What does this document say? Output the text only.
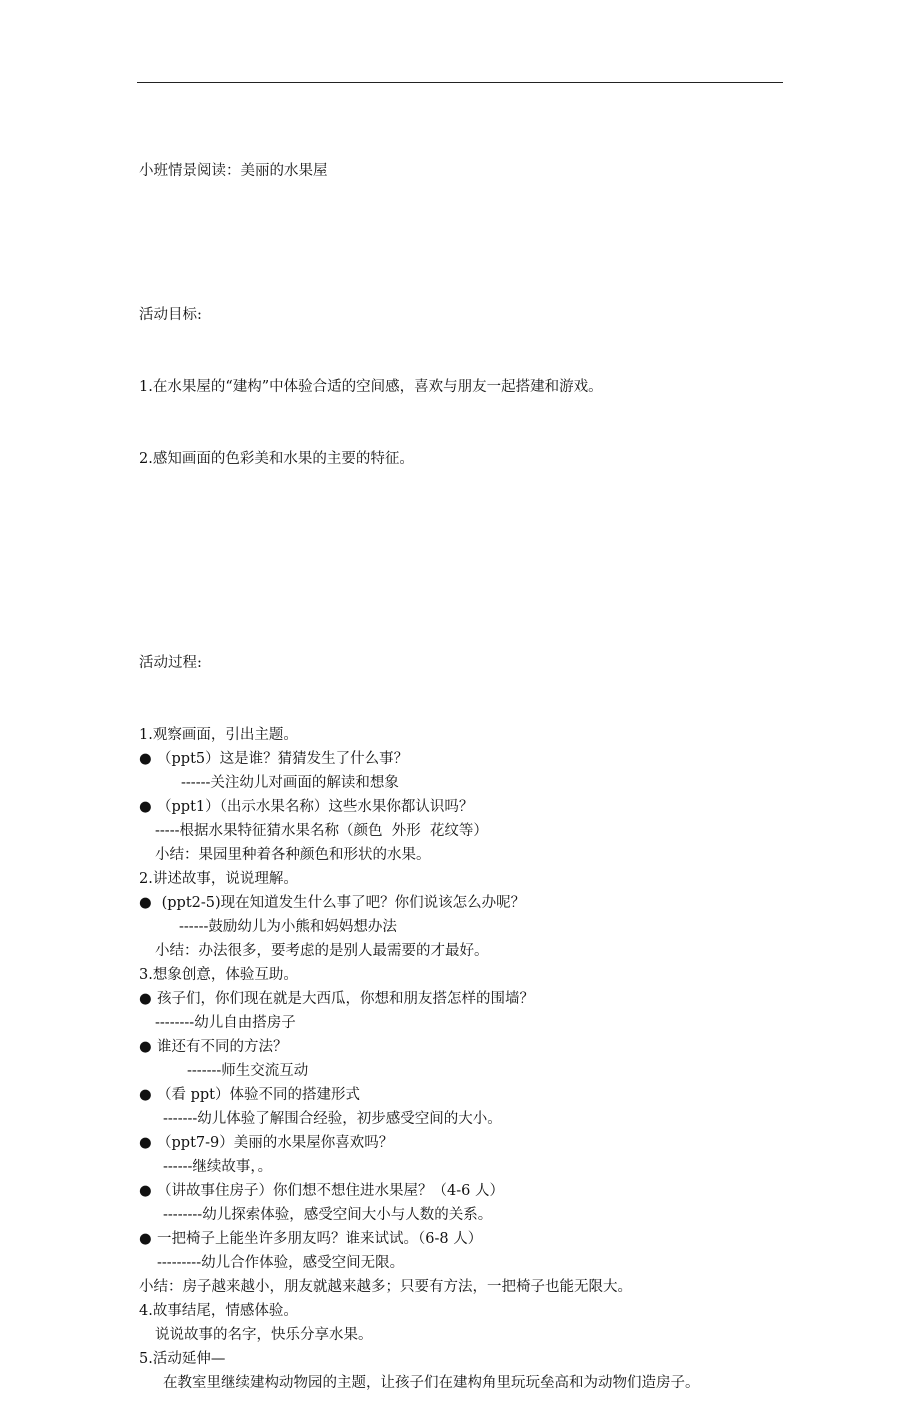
小班情景阅读：美丽的水果屋

活动目标:

1.在水果屋的“建构”中体验合适的空间感，喜欢与朋友一起搭建和游戏。

2.感知画面的色彩美和水果的主要的特征。

活动过程:

1.观察画面，引出主题。
● （ppt5）这是谁？猜猜发生了什么事？
------关注幼儿对画面的解读和想象
● （ppt1）（出示水果名称）这些水果你都认识吗？
-----根据水果特征猜水果名称（颜色  外形  花纹等）
小结：果园里种着各种颜色和形状的水果。
2.讲述故事，说说理解。
● (ppt2-5)现在知道发生什么事了吧？你们说该怎么办呢？
------鼓励幼儿为小熊和妈妈想办法
小结：办法很多，要考虑的是别人最需要的才最好。
3.想象创意，体验互助。
● 孩子们，你们现在就是大西瓜，你想和朋友搭怎样的围墙？
--------幼儿自由搭房子
● 谁还有不同的方法？
-------师生交流互动
● （看 ppt）体验不同的搭建形式
-------幼儿体验了解围合经验，初步感受空间的大小。
● （ppt7-9）美丽的水果屋你喜欢吗？
------继续故事，。
● （讲故事住房子）你们想不想住进水果屋？（4-6 人）
--------幼儿探索体验，感受空间大小与人数的关系。
● 一把椅子上能坐许多朋友吗？谁来试试。（6-8 人）
---------幼儿合作体验，感受空间无限。
小结：房子越来越小，朋友就越来越多；只要有方法，一把椅子也能无限大。
4.故事结尾，情感体验。
说说故事的名字，快乐分享水果。
5.活动延伸—
在教室里继续建构动物园的主题，让孩子们在建构角里玩玩垒高和为动物们造房子。
